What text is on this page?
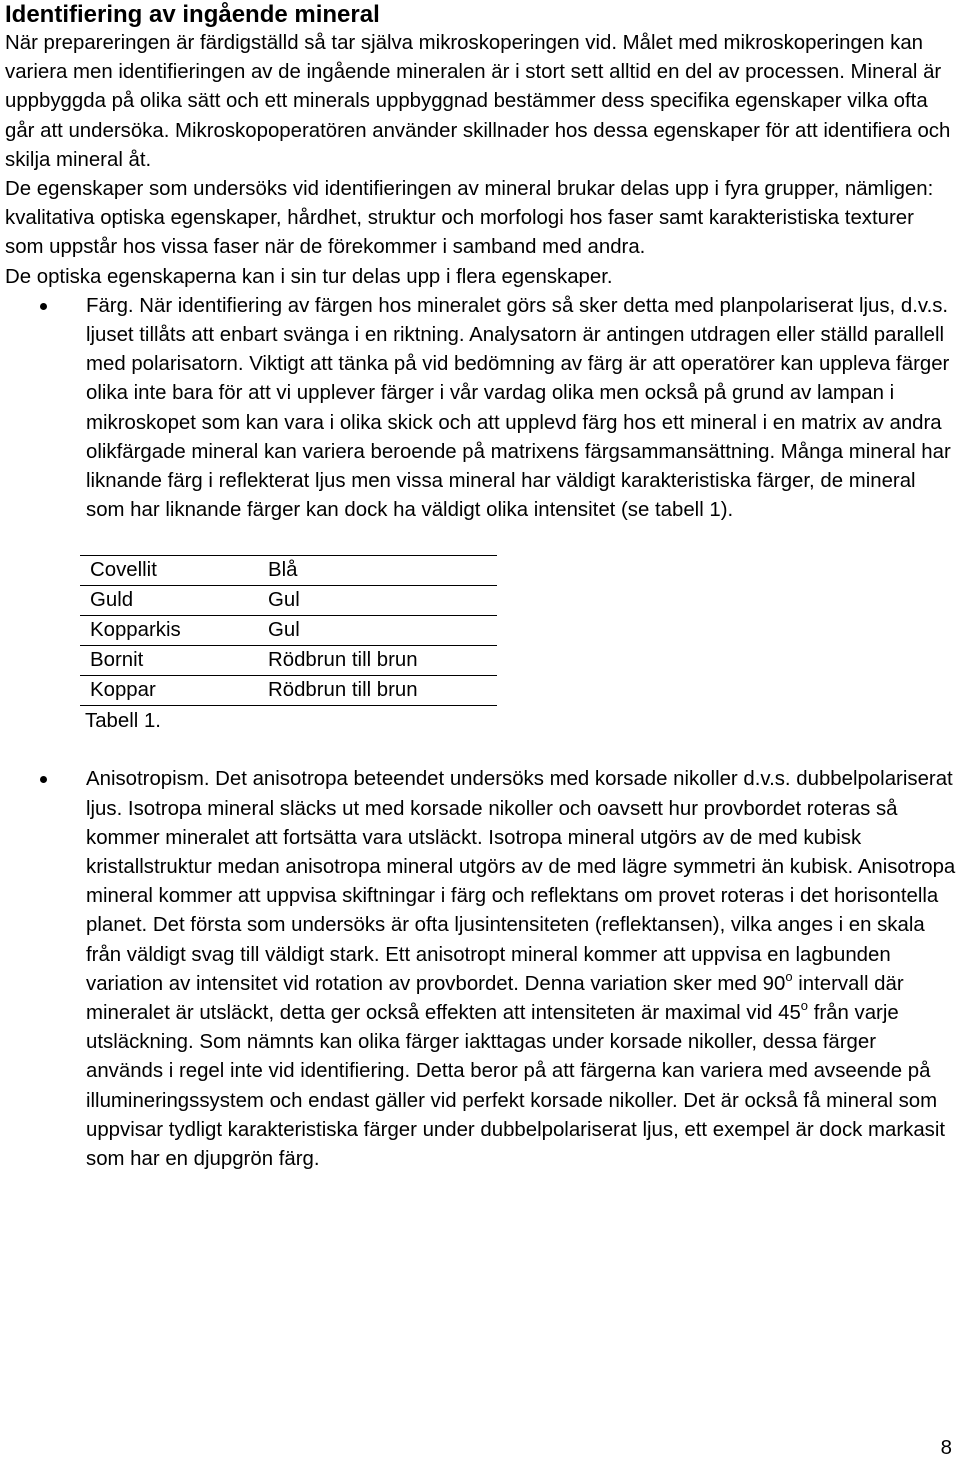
Identifiering av ingående mineral

När prepareringen är färdigställd så tar själva mikroskoperingen vid. Målet med mikroskoperingen kan variera men identifieringen av de ingående mineralen är i stort sett alltid en del av processen. Mineral är uppbyggda på olika sätt och ett minerals uppbyggnad bestämmer dess specifika egenskaper vilka ofta går att undersöka. Mikroskopoperatören använder skillnader hos dessa egenskaper för att identifiera och skilja mineral åt.

De egenskaper som undersöks vid identifieringen av mineral brukar delas upp i fyra grupper, nämligen: kvalitativa optiska egenskaper, hårdhet, struktur och morfologi hos faser samt karakteristiska texturer som uppstår hos vissa faser när de förekommer i samband med andra.

De optiska egenskaperna kan i sin tur delas upp i flera egenskaper.

Färg. När identifiering av färgen hos mineralet görs så sker detta med planpolariserat ljus, d.v.s. ljuset tillåts att enbart svänga i en riktning. Analysatorn är antingen utdragen eller ställd parallell med polarisatorn. Viktigt att tänka på vid bedömning av färg är att operatörer kan uppleva färger olika inte bara för att vi upplever färger i vår vardag olika men också på grund av lampan i mikroskopet som kan vara i olika skick och att upplevd färg hos ett mineral i en matrix av andra olikfärgade mineral kan variera beroende på matrixens färgsammansättning. Många mineral har liknande färg i reflekterat ljus men vissa mineral har väldigt karakteristiska färger, de mineral som har liknande färger kan dock ha väldigt olika intensitet (se tabell 1).
Covellit	Blå
Guld	Gul
Kopparkis	Gul
Bornit	Rödbrun till brun
Koppar	Rödbrun till brun
Tabell 1.
Anisotropism. Det anisotropa beteendet undersöks med korsade nikoller d.v.s. dubbelpolariserat ljus. Isotropa mineral släcks ut med korsade nikoller och oavsett hur provbordet roteras så kommer mineralet att fortsätta vara utsläckt. Isotropa mineral utgörs av de med kubisk kristallstruktur medan anisotropa mineral utgörs av de med lägre symmetri än kubisk. Anisotropa mineral kommer att uppvisa skiftningar i färg och reflektans om provet roteras i det horisontella planet. Det första som undersöks är ofta ljusintensiteten (reflektansen), vilka anges i en skala från väldigt svag till väldigt stark. Ett anisotropt mineral kommer att uppvisa en lagbunden variation av intensitet vid rotation av provbordet. Denna variation sker med 90$^o$ intervall där mineralet är utsläckt, detta ger också effekten att intensiteten är maximal vid 45$^o$ från varje utsläckning. Som nämnts kan olika färger iakttagas under korsade nikoller, dessa färger används i regel inte vid identifiering. Detta beror på att färgerna kan variera med avseende på illumineringssystem och endast gäller vid perfekt korsade nikoller. Det är också få mineral som uppvisar tydligt karakteristiska färger under dubbelpolariserat ljus, ett exempel är dock markasit som har en djupgrön färg.
8
